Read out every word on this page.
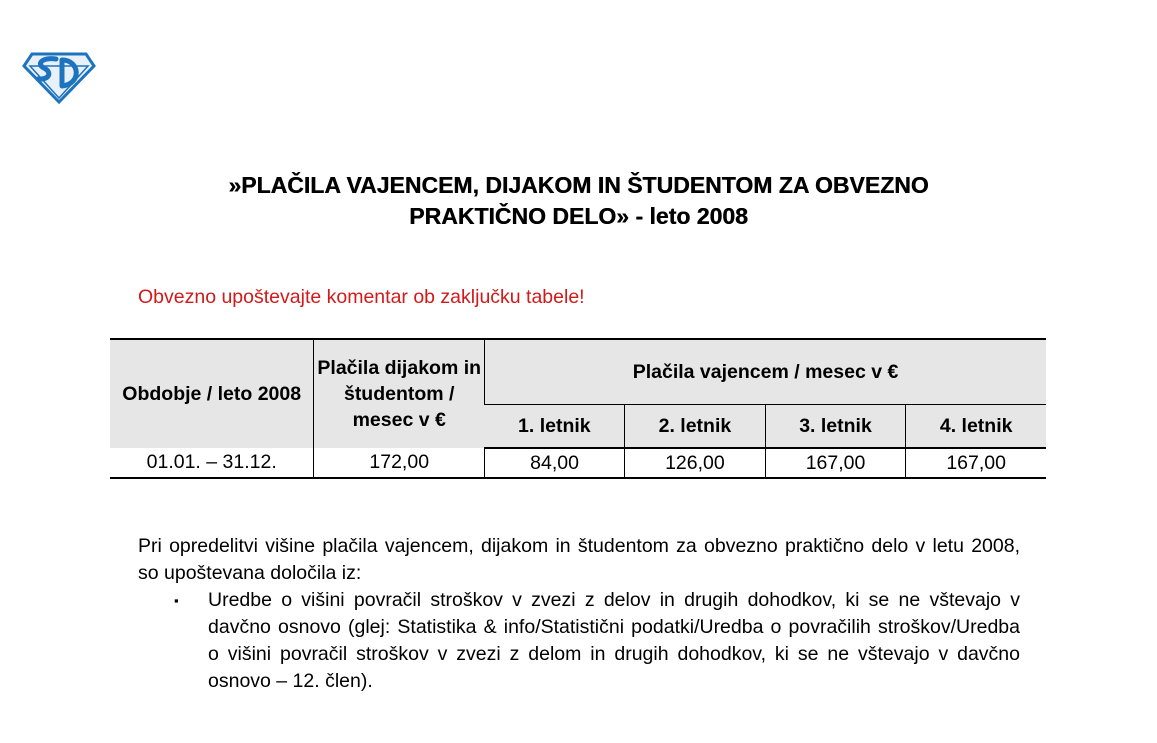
»PLAČILA VAJENCEM, DIJAKOM IN ŠTUDENTOM ZA OBVEZNO
PRAKTIČNO DELO» - leto 2008
Obvezno upoštevajte komentar ob zaključku tabele!
Obdobje / leto 2008	Plačila dijakom in študentom / mesec v €	Plačila vajencem / mesec v €			
		1. letnik	2. letnik	3. letnik	4. letnik
01.01. – 31.12.	172,00	84,00	126,00	167,00	167,00

Pri opredelitvi višine plačila vajencem, dijakom in študentom za obvezno praktično delo v letu 2008, so upoštevana določila iz:

▪ Uredbe o višini povračil stroškov v zvezi z delov in drugih dohodkov, ki se ne vštevajo v davčno osnovo (glej: Statistika & info/Statistični podatki/Uredba o povračilih stroškov/Uredba o višini povračil stroškov v zvezi z delom in drugih dohodkov, ki se ne vštevajo v davčno osnovo – 12. člen).
